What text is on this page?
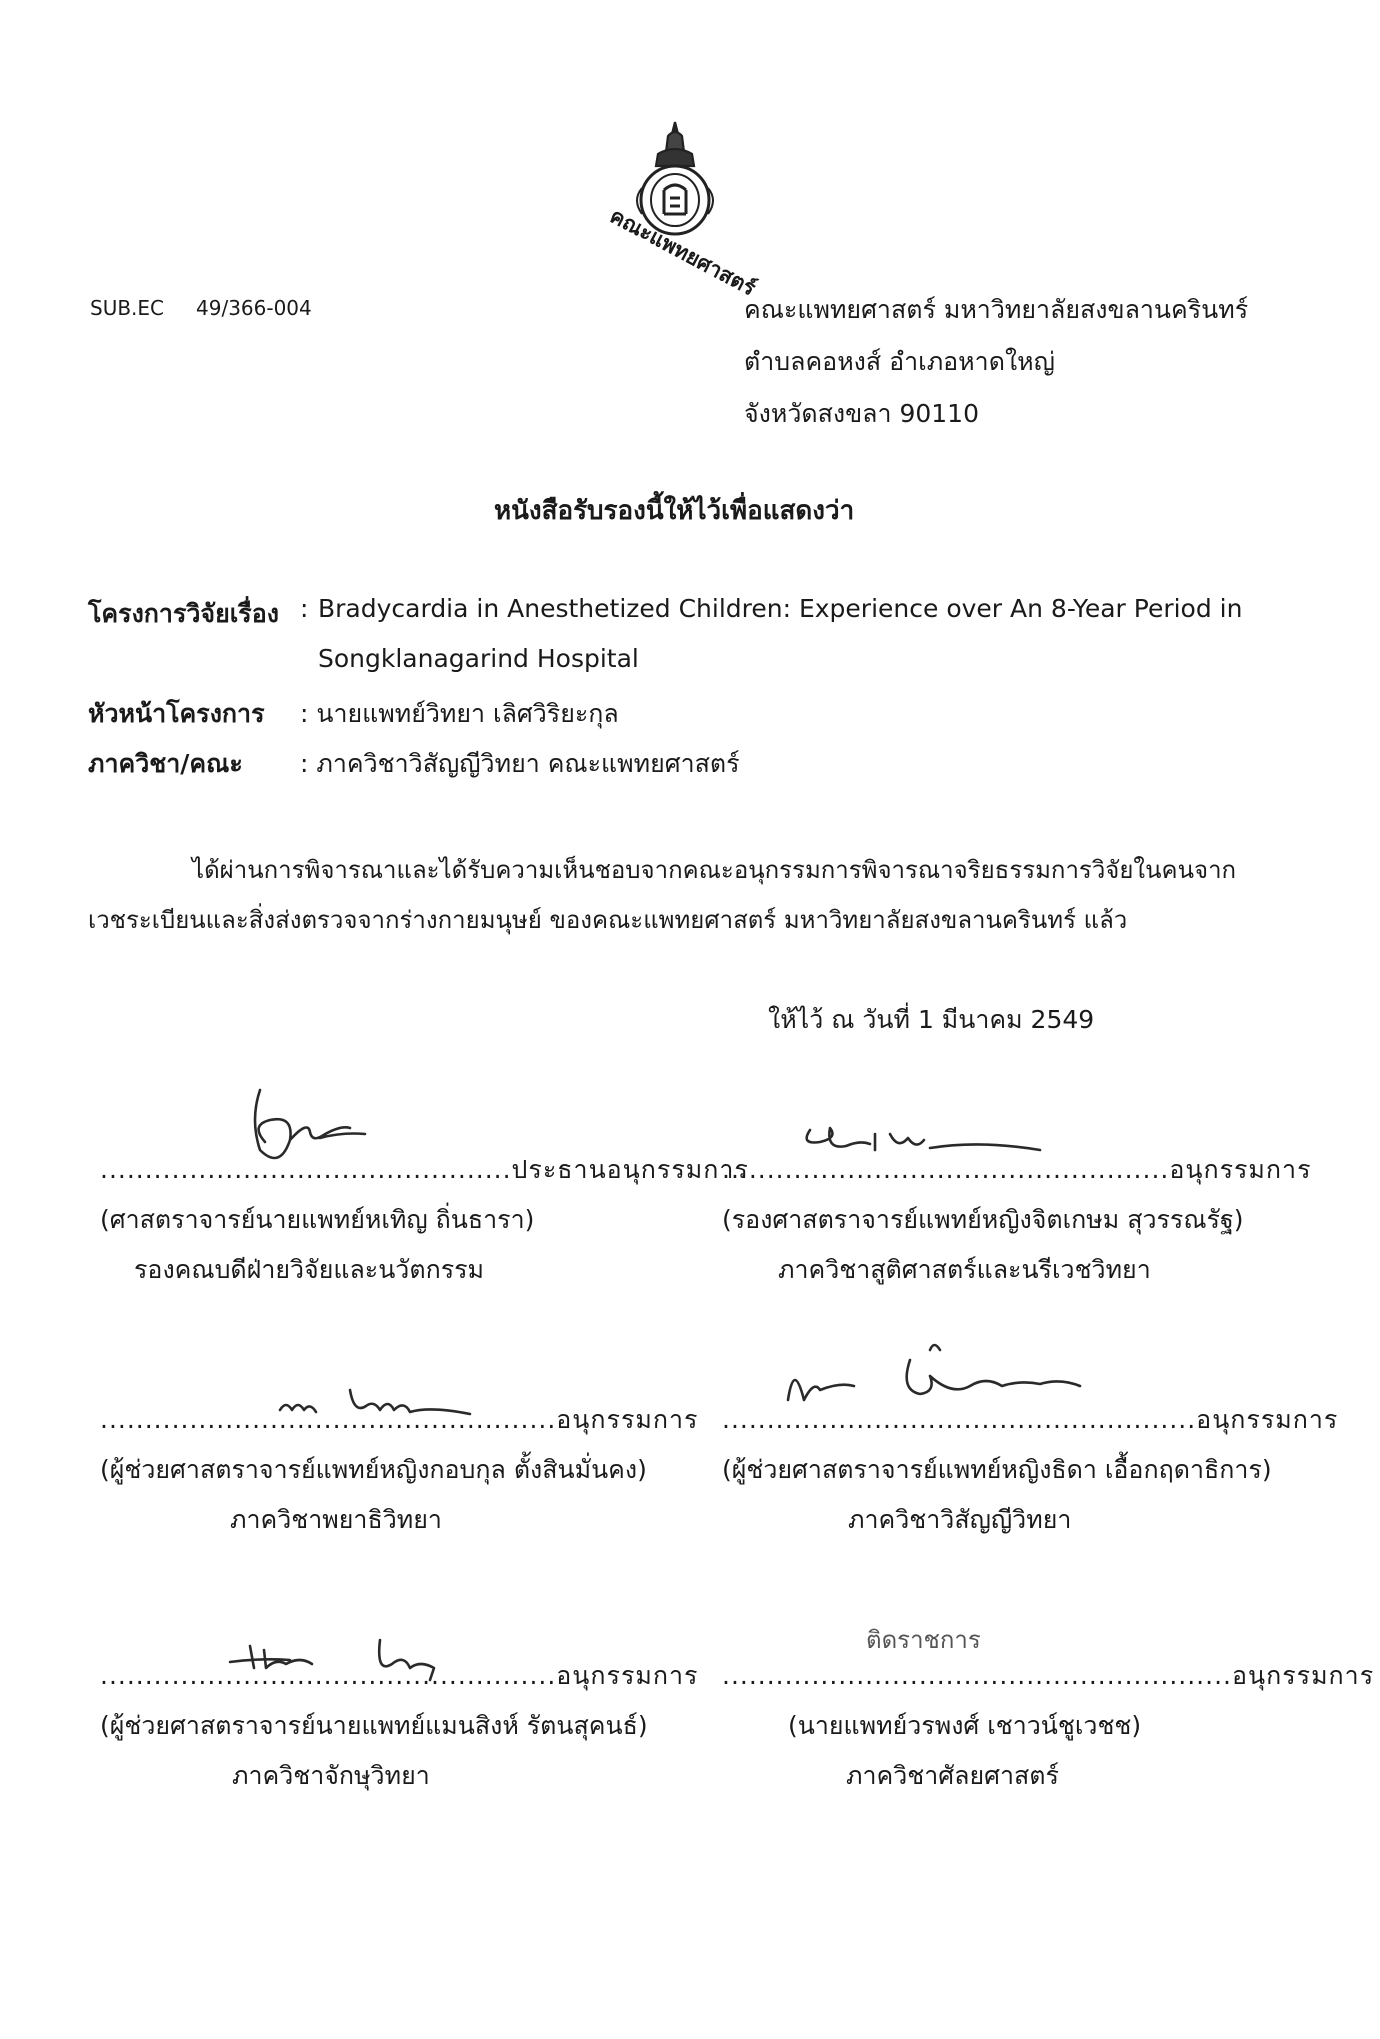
คณะแพทยศาสตร์
SUB.EC 49/366-004	คณะแพทยศาสตร์ มหาวิทยาลัยสงขลานครินทร์
ตำบลคอหงส์ อำเภอหาดใหญ่
จังหวัดสงขลา 90110
หนังสือรับรองนี้ให้ไว้เพื่อแสดงว่า
โครงการวิจัยเรื่อง : Bradycardia in Anesthetized Children: Experience over An 8-Year Period in
Songklanagarind Hospital
หัวหน้าโครงการ : นายแพทย์วิทยา เลิศวิริยะกุล
ภาควิชา/คณะ : ภาควิชาวิสัญญีวิทยา คณะแพทยศาสตร์
ได้ผ่านการพิจารณาและได้รับความเห็นชอบจากคณะอนุกรรมการพิจารณาจริยธรรมการวิจัยในคนจาก
เวชระเบียนและสิ่งส่งตรวจจากร่างกายมนุษย์ ของคณะแพทยศาสตร์ มหาวิทยาลัยสงขลานครินทร์ แล้ว
ให้ไว้ ณ วันที่ 1 มีนาคม 2549
..............................................ประธานอนุกรรมการ
(ศาสตราจารย์นายแพทย์หเทิญ ถิ่นธารา)
รองคณบดีฝ่ายวิจัยและนวัตกรรม
..................................................อนุกรรมการ
(รองศาสตราจารย์แพทย์หญิงจิตเกษม สุวรรณรัฐ)
ภาควิชาสูติศาสตร์และนรีเวชวิทยา
...................................................อนุกรรมการ
(ผู้ช่วยศาสตราจารย์แพทย์หญิงกอบกุล ตั้งสินมั่นคง)
ภาควิชาพยาธิวิทยา
.....................................................อนุกรรมการ
(ผู้ช่วยศาสตราจารย์แพทย์หญิงธิดา เอื้อกฤดาธิการ)
ภาควิชาวิสัญญีวิทยา
...................................................อนุกรรมการ
(ผู้ช่วยศาสตราจารย์นายแพทย์แมนสิงห์ รัตนสุคนธ์)
ภาควิชาจักษุวิทยา
ติดราชการ
.........................................................อนุกรรมการ
(นายแพทย์วรพงศ์ เชาวน์ชูเวชช)
ภาควิชาศัลยศาสตร์
